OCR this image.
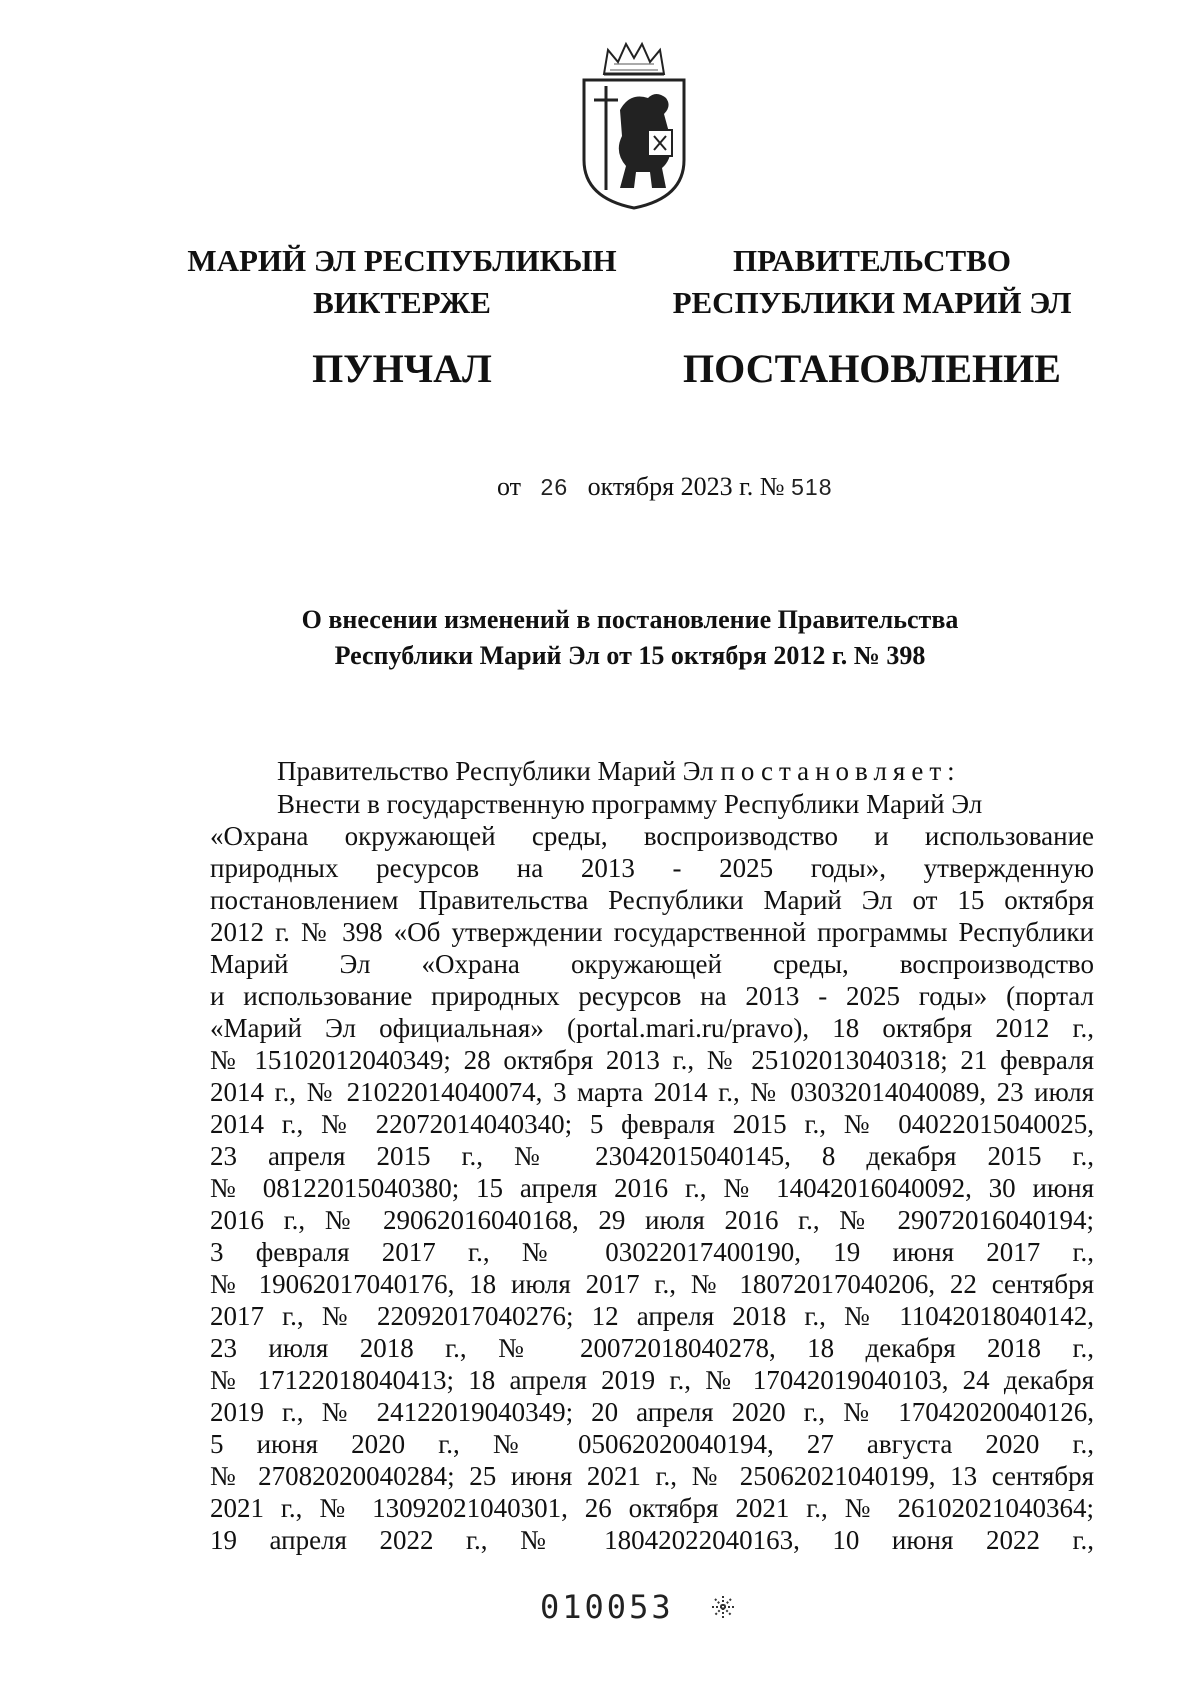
МАРИЙ ЭЛ РЕСПУБЛИКЫН
ВИКТЕРЖЕ
ПУНЧАЛ
ПРАВИТЕЛЬСТВО
РЕСПУБЛИКИ МАРИЙ ЭЛ
ПОСТАНОВЛЕНИЕ
от 26 октября 2023 г. № 518
О внесении изменений в постановление Правительства
Республики Марий Эл от 15 октября 2012 г. № 398
Правительство Республики Марий Эл постановляет:
Внести в государственную программу Республики Марий Эл
«Охрана окружающей среды, воспроизводство и использование
природных ресурсов на 2013 - 2025 годы», утвержденную
постановлением Правительства Республики Марий Эл от 15 октября
2012 г. № 398 «Об утверждении государственной программы Республики
Марий Эл «Охрана окружающей среды, воспроизводство
и использование природных ресурсов на 2013 - 2025 годы» (портал
«Марий Эл официальная» (portal.mari.ru/pravo), 18 октября 2012 г.,
№ 15102012040349; 28 октября 2013 г., № 25102013040318; 21 февраля
2014 г., № 21022014040074, 3 марта 2014 г., № 03032014040089, 23 июля
2014 г., № 22072014040340; 5 февраля 2015 г., № 04022015040025,
23 апреля 2015 г., № 23042015040145, 8 декабря 2015 г.,
№ 08122015040380; 15 апреля 2016 г., № 14042016040092, 30 июня
2016 г., № 29062016040168, 29 июля 2016 г., № 29072016040194;
3 февраля 2017 г., № 03022017400190, 19 июня 2017 г.,
№ 19062017040176, 18 июля 2017 г., № 18072017040206, 22 сентября
2017 г., № 22092017040276; 12 апреля 2018 г., № 11042018040142,
23 июля 2018 г., № 20072018040278, 18 декабря 2018 г.,
№ 17122018040413; 18 апреля 2019 г., № 17042019040103, 24 декабря
2019 г., № 24122019040349; 20 апреля 2020 г., № 17042020040126,
5 июня 2020 г., № 05062020040194, 27 августа 2020 г.,
№ 27082020040284; 25 июня 2021 г., № 25062021040199, 13 сентября
2021 г., № 13092021040301, 26 октября 2021 г., № 26102021040364;
19 апреля 2022 г., № 18042022040163, 10 июня 2022 г.,
010053
